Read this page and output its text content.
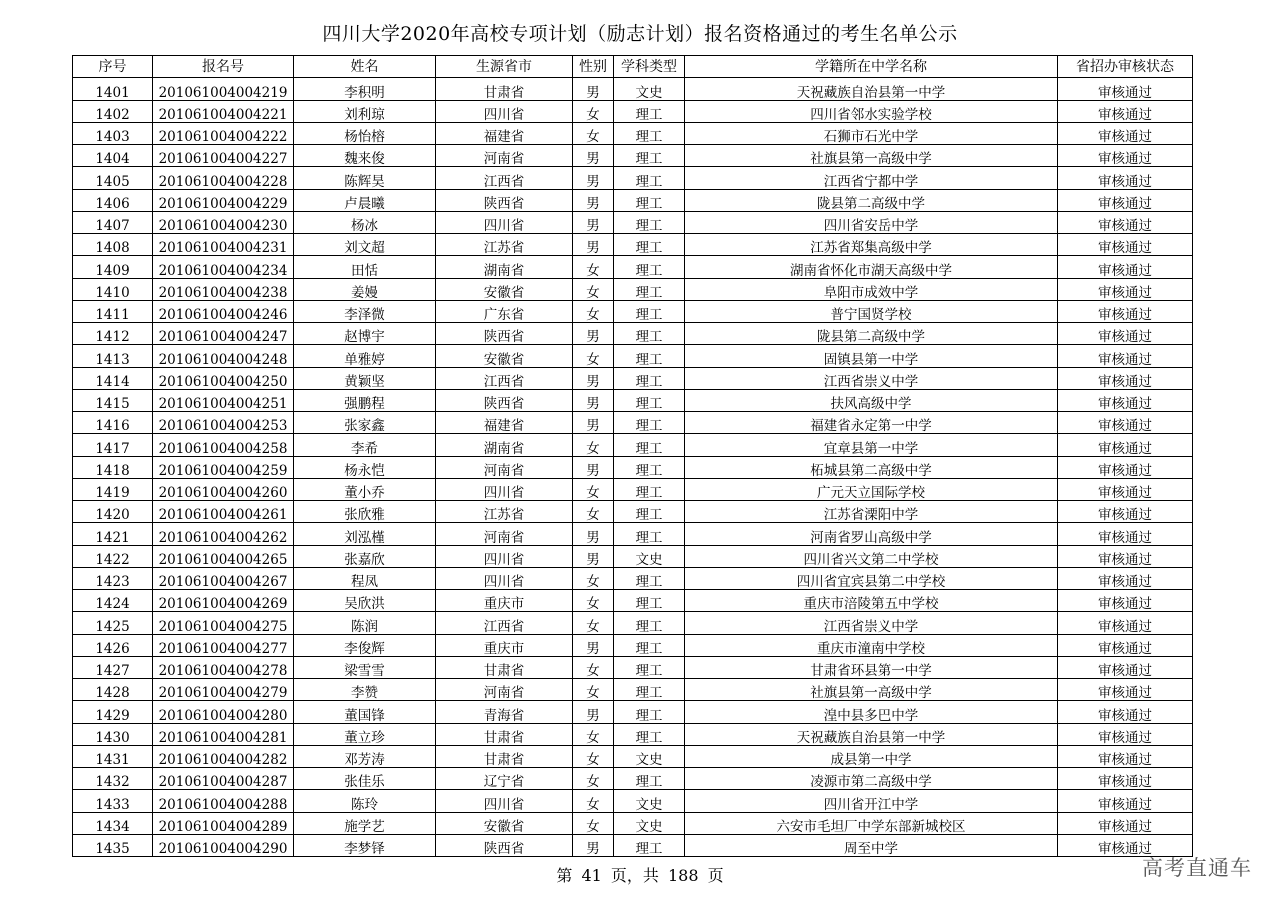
四川大学2020年高校专项计划（励志计划）报名资格通过的考生名单公示
序号	报名号	姓名	生源省市	性别	学科类型	学籍所在中学名称	省招办审核状态
1401	201061004004219	李积明	甘肃省	男	文史	天祝藏族自治县第一中学	审核通过
1402	201061004004221	刘利琼	四川省	女	理工	四川省邻水实验学校	审核通过
1403	201061004004222	杨怡榕	福建省	女	理工	石狮市石光中学	审核通过
1404	201061004004227	魏来俊	河南省	男	理工	社旗县第一高级中学	审核通过
1405	201061004004228	陈辉昊	江西省	男	理工	江西省宁都中学	审核通过
1406	201061004004229	卢晨曦	陕西省	男	理工	陇县第二高级中学	审核通过
1407	201061004004230	杨冰	四川省	男	理工	四川省安岳中学	审核通过
1408	201061004004231	刘文超	江苏省	男	理工	江苏省郑集高级中学	审核通过
1409	201061004004234	田恬	湖南省	女	理工	湖南省怀化市湖天高级中学	审核通过
1410	201061004004238	姜嫚	安徽省	女	理工	阜阳市成效中学	审核通过
1411	201061004004246	李泽微	广东省	女	理工	普宁国贤学校	审核通过
1412	201061004004247	赵博宇	陕西省	男	理工	陇县第二高级中学	审核通过
1413	201061004004248	单雅婷	安徽省	女	理工	固镇县第一中学	审核通过
1414	201061004004250	黄颖坚	江西省	男	理工	江西省崇义中学	审核通过
1415	201061004004251	强鹏程	陕西省	男	理工	扶风高级中学	审核通过
1416	201061004004253	张家鑫	福建省	男	理工	福建省永定第一中学	审核通过
1417	201061004004258	李希	湖南省	女	理工	宜章县第一中学	审核通过
1418	201061004004259	杨永恺	河南省	男	理工	柘城县第二高级中学	审核通过
1419	201061004004260	董小乔	四川省	女	理工	广元天立国际学校	审核通过
1420	201061004004261	张欣雅	江苏省	女	理工	江苏省溧阳中学	审核通过
1421	201061004004262	刘泓槿	河南省	男	理工	河南省罗山高级中学	审核通过
1422	201061004004265	张嘉欣	四川省	男	文史	四川省兴文第二中学校	审核通过
1423	201061004004267	程凤	四川省	女	理工	四川省宜宾县第二中学校	审核通过
1424	201061004004269	吴欣洪	重庆市	女	理工	重庆市涪陵第五中学校	审核通过
1425	201061004004275	陈润	江西省	女	理工	江西省崇义中学	审核通过
1426	201061004004277	李俊辉	重庆市	男	理工	重庆市潼南中学校	审核通过
1427	201061004004278	梁雪雪	甘肃省	女	理工	甘肃省环县第一中学	审核通过
1428	201061004004279	李赞	河南省	女	理工	社旗县第一高级中学	审核通过
1429	201061004004280	董国锋	青海省	男	理工	湟中县多巴中学	审核通过
1430	201061004004281	董立珍	甘肃省	女	理工	天祝藏族自治县第一中学	审核通过
1431	201061004004282	邓芳涛	甘肃省	女	文史	成县第一中学	审核通过
1432	201061004004287	张佳乐	辽宁省	女	理工	凌源市第二高级中学	审核通过
1433	201061004004288	陈玲	四川省	女	文史	四川省开江中学	审核通过
1434	201061004004289	施学艺	安徽省	女	文史	六安市毛坦厂中学东部新城校区	审核通过
1435	201061004004290	李梦铎	陕西省	男	理工	周至中学	审核通过
第 41 页，共 188 页	高考直通车
